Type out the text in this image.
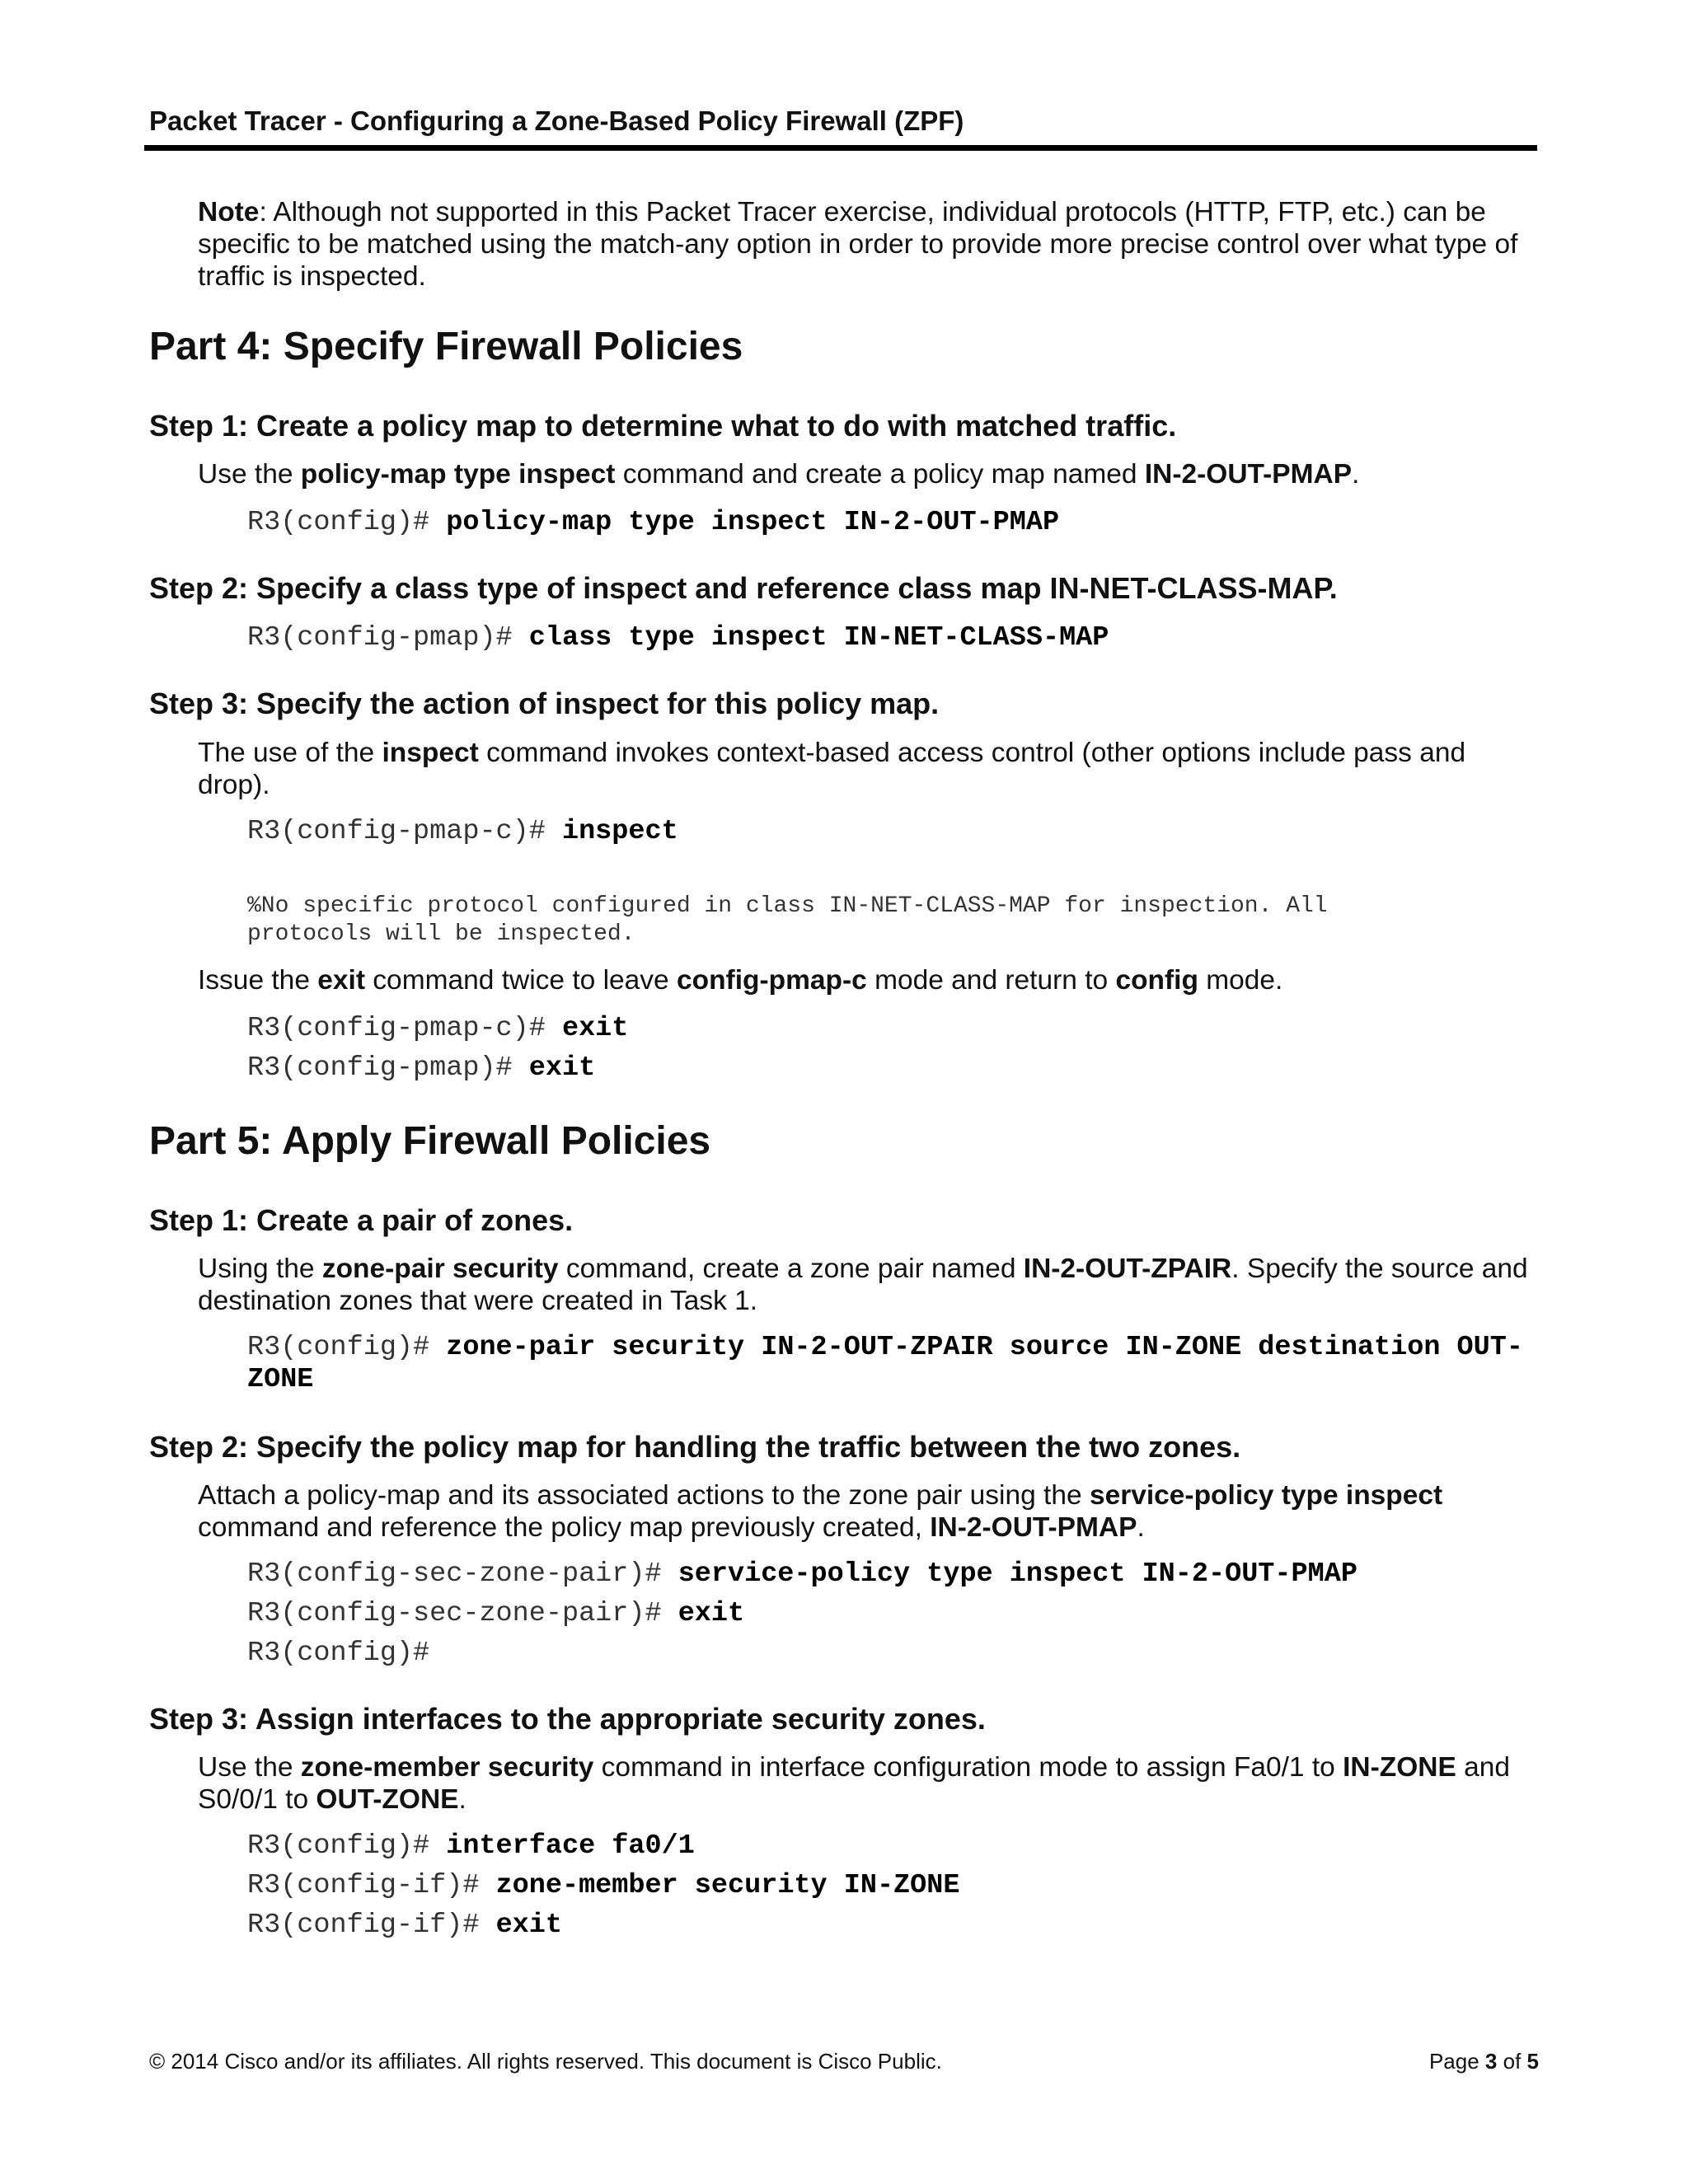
Packet Tracer - Configuring a Zone-Based Policy Firewall (ZPF)
Note: Although not supported in this Packet Tracer exercise, individual protocols (HTTP, FTP, etc.) can be
specific to be matched using the match-any option in order to provide more precise control over what type of
traffic is inspected.
Part 4: Specify Firewall Policies
Step 1: Create a policy map to determine what to do with matched traffic.
Use the policy-map type inspect command and create a policy map named IN-2-OUT-PMAP.
R3(config)# policy-map type inspect IN-2-OUT-PMAP
Step 2: Specify a class type of inspect and reference class map IN-NET-CLASS-MAP.
R3(config-pmap)# class type inspect IN-NET-CLASS-MAP
Step 3: Specify the action of inspect for this policy map.
The use of the inspect command invokes context-based access control (other options include pass and
drop).
R3(config-pmap-c)# inspect
%No specific protocol configured in class IN-NET-CLASS-MAP for inspection. All
protocols will be inspected.
Issue the exit command twice to leave config-pmap-c mode and return to config mode.
R3(config-pmap-c)# exit
R3(config-pmap)# exit
Part 5: Apply Firewall Policies
Step 1: Create a pair of zones.
Using the zone-pair security command, create a zone pair named IN-2-OUT-ZPAIR. Specify the source and
destination zones that were created in Task 1.
R3(config)# zone-pair security IN-2-OUT-ZPAIR source IN-ZONE destination OUT-
ZONE
Step 2: Specify the policy map for handling the traffic between the two zones.
Attach a policy-map and its associated actions to the zone pair using the service-policy type inspect
command and reference the policy map previously created, IN-2-OUT-PMAP.
R3(config-sec-zone-pair)# service-policy type inspect IN-2-OUT-PMAP
R3(config-sec-zone-pair)# exit
R3(config)#
Step 3: Assign interfaces to the appropriate security zones.
Use the zone-member security command in interface configuration mode to assign Fa0/1 to IN-ZONE and
S0/0/1 to OUT-ZONE.
R3(config)# interface fa0/1
R3(config-if)# zone-member security IN-ZONE
R3(config-if)# exit
© 2014 Cisco and/or its affiliates. All rights reserved. This document is Cisco Public.	Page 3 of 5
